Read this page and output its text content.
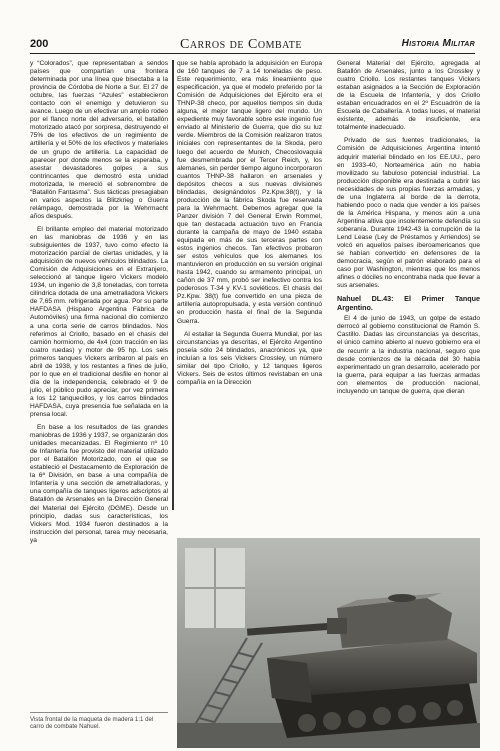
200	Carros de Combate	Historia Militar

y “Colorados”, que representaban a sendos países que compartían una frontera determinada por una línea que bisectaba a la provincia de Córdoba de Norte a Sur. El 27 de octubre, las fuerzas “Azules” establecieron contacto con el enemigo y detuvieron su avance. Luego de un efectivar un amplio rodeo por el flanco norte del adversario, el batallón motorizado atacó por sorpresa, destruyendo el 75% de los efectivos de un regimiento de artillería y el 50% de los efectivos y materiales de un grupo de artillería. La capacidad de aparecer por donde menos se la esperaba, y asestar devastadores golpes a sus contrincantes que demostró esta unidad motorizada, le mereció el sobrenombre de “Batallón Fantasma”. Sus tácticas presagiaban en varios aspectos la Blitzkrieg o Guerra relámpago, demostrada por la Wehrmacht años después.

El brillante empleo del material motorizado en las maniobras de 1936 y en las subsiguientes de 1937, tuvo como efecto la motorización parcial de ciertas unidades, y la adquisición de nuevos vehículos blindados. La Comisión de Adquisiciones en el Extranjero, seleccionó al tanque ligero Vickers modelo 1934, un ingenio de 3,8 toneladas, con torreta cilíndrica dotada de una ametralladora Vickers de 7,65 mm. refrigerada por agua. Por su parte HAFDASA (Hispano Argentina Fábrica de Automóviles) una firma nacional dio comienzo a una corta serie de carros blindados. Nos referimos al Criollo, basado en el chasis del camión hormiorno, de 4x4 (con tracción en las cuatro ruedas) y motor de 95 hp. Los seis primeros tanques Vickers arribaron al país en abril de 1938, y los restantes a fines de julio, por lo que en el tradicional desfile en honor al día de la independencia, celebrado el 9 de julio, el público pudo apreciar, por vez primera a los 12 tanquecillos, y los carros blindados HAFDASA, cuya presencia fue señalada en la prensa local.

En base a los resultados de las grandes maniobras de 1936 y 1937, se organizarán dos unidades mecanizadas. El Regimiento nº 10 de Infantería fue provisto del material utilizado por el Batallón Motorizado, con el que se estableció el Destacamento de Exploración de la 6ª División, en base a una compañía de Infantería y una sección de ametralladoras, y una compañía de tanques ligeros adscriptos al Batallón de Arsenales en la Dirección General del Material del Ejército (DGME). Desde un principio, dadas sus características, los Vickers Mod. 1934 fueron destinados a la instrucción del personal, tarea muy necesaria, ya

que se había aprobado la adquisición en Europa de 160 tanques de 7 a 14 toneladas de peso. Este requerimiento, era más lineamiento que especificación, ya que el modelo preferido por la Comisión de Adquisiciones del Ejército era el THNP-38 checo, por aquellos tiempos sin duda alguna, el mejor tanque ligero del mundo. Un expediente muy favorable sobre este ingenio fue enviado al Ministerio de Guerra, que dio su luz verde. Miembros de la Comisión realizaron tratos iniciales con representantes de la Skoda, pero luego del acuerdo de Munich, Checoslovaquia fue desmembrada por el Tercer Reich, y, los alemanes, sin perder tiempo alguno incorporaron cuantos THNP-38 hallaron en arsenales y depósitos checos a sus nuevas divisiones blindadas, designándolos Pz.Kpw.38(t), y la producción de la fábrica Skoda fue reservada para la Wehrmacht. Debemos agregar que la Panzer división 7 del General Erwin Rommel, que tan destacada actuación tuvo en Francia durante la campaña de mayo de 1940 estaba equipada en más de sus terceras partes con estos ingenios checos. Tan efectivos probaron ser estos vehículos que los alemanes los mantuvieron en producción en su versión original hasta 1942, cuando su armamento principal, un cañón de 37 mm, probó ser inefectivo contra los poderosos T-34 y KV-1 soviéticos. El chasis del Pz.Kpw. 38(t) fue convertido en una pieza de artillería autopropulsada, y esta versión continuó en producción hasta el final de la Segunda Guerra.

Al estallar la Segunda Guerra Mundial, por las circunstancias ya descritas, el Ejército Argentino poseía sólo 24 blindados, anacrónicos ya, que incluían a los seis Vickers Crossley, un número similar del tipo Criollo, y 12 tanques ligeros Vickers. Seis de estos últimos revistaban en una compañía en la Dirección

General Material del Ejército, agregada al Batallón de Arsenales, junto a los Crossley y cuatro Criollo. Los restantes tanques Vickers estaban asignados a la Sección de Exploración de la Escuela de Infantería, y dos Criollo estaban encuadrados en el 2º Escuadrón de la Escuela de Caballería. A todas luces, el material existente, además de insuficiente, era totalmente inadecuado.

Privado de sus fuentes tradicionales, la Comisión de Adquisiciones Argentina intentó adquirir material blindado en los EE.UU., pero en 1933-40, Norteamérica aún no había movilizado su fabuloso potencial industrial. La producción disponible era destinada a cubrir las necesidades de sus propias fuerzas armadas, y de una Inglaterra al borde de la derrota, habiendo poco o nada que vender a los países de la América Hispana, y menos aún a una Argentina altiva que insolentemente defendía su soberanía. Durante 1942-43 la corrupción de la Lend Lease (Ley de Préstamos y Arriendos) se volcó en aquellos países iberoamericanos que se habían convertido en defensores de la democracia, según el patrón elaborado para el caso por Washington, mientras que los menos afines o dóciles no encontraba nada que llevar a sus arsenales.

Nahuel DL.43: El Primer Tanque Argentino.

El 4 de junio de 1943, un golpe de estado derrocó al gobierno constitucional de Ramón S. Castillo. Dadas las circunstancias ya descritas, el único camino abierto al nuevo gobierno era el de recurrir a la industria nacional, seguro que desde comienzos de la década del 30 había experimentado un gran desarrollo, acelerado por la guerra, para equipar a las fuerzas armadas con elementos de producción nacional, incluyendo un tanque de guerra, que dieran

Vista frontal de la maqueta de madera 1:1 del carro de combate Nahuel.
